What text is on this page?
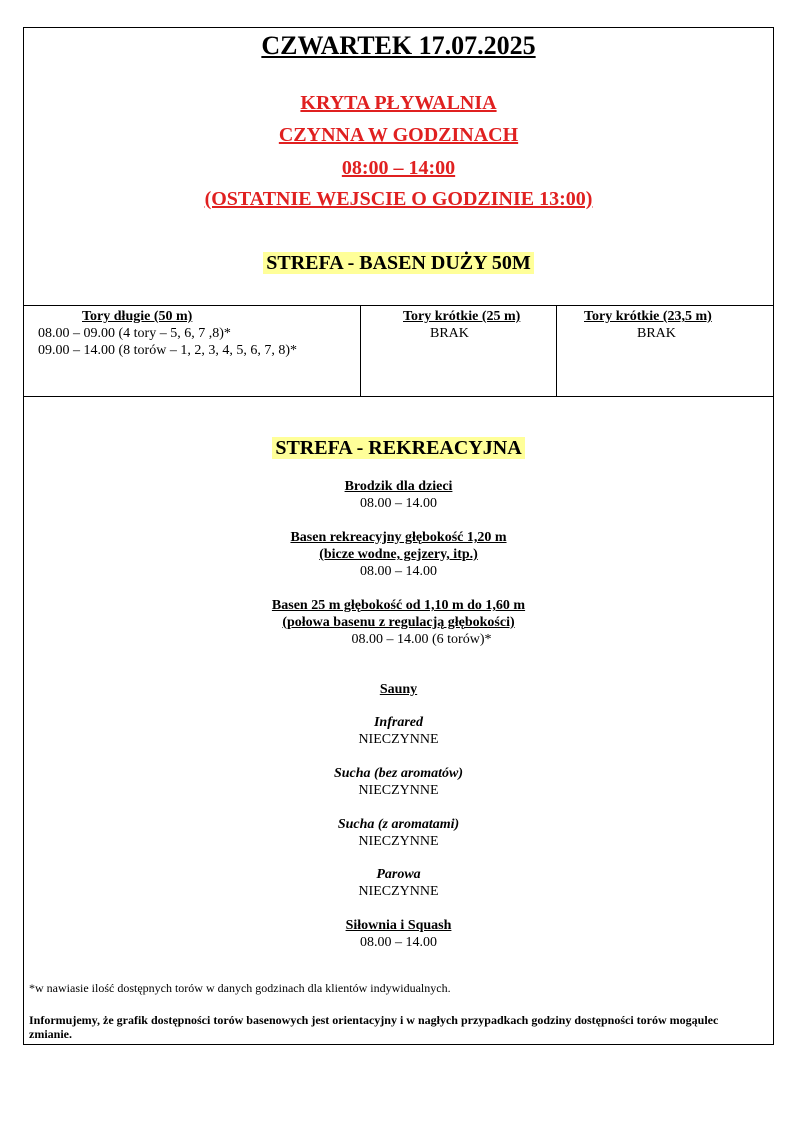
CZWARTEK 17.07.2025
KRYTA PŁYWALNIA
CZYNNA W GODZINACH
08:00 – 14:00
(OSTATNIE WEJSCIE O GODZINIE 13:00)
STREFA - BASEN DUŻY 50M
Tory długie (50 m)
08.00 – 09.00 (4 tory – 5, 6, 7 ,8)*
09.00 – 14.00 (8 torów – 1, 2, 3, 4, 5, 6, 7, 8)*
Tory krótkie (25 m)
BRAK
Tory krótkie (23,5 m)
BRAK
STREFA - REKREACYJNA
Brodzik dla dzieci
08.00 – 14.00
Basen rekreacyjny głębokość 1,20 m
(bicze wodne, gejzery, itp.)
08.00 – 14.00
Basen 25 m głębokość od 1,10 m do 1,60 m
(połowa basenu z regulacją głębokości)
08.00 – 14.00 (6 torów)*
Sauny
Infrared
NIECZYNNE
Sucha (bez aromatów)
NIECZYNNE
Sucha (z aromatami)
NIECZYNNE
Parowa
NIECZYNNE
Siłownia i Squash
08.00 – 14.00
*w nawiasie ilość dostępnych torów w danych godzinach dla klientów indywidualnych.
Informujemy, że grafik dostępności torów basenowych jest orientacyjny i w nagłych przypadkach godziny dostępności torów mogąulec zmianie.
